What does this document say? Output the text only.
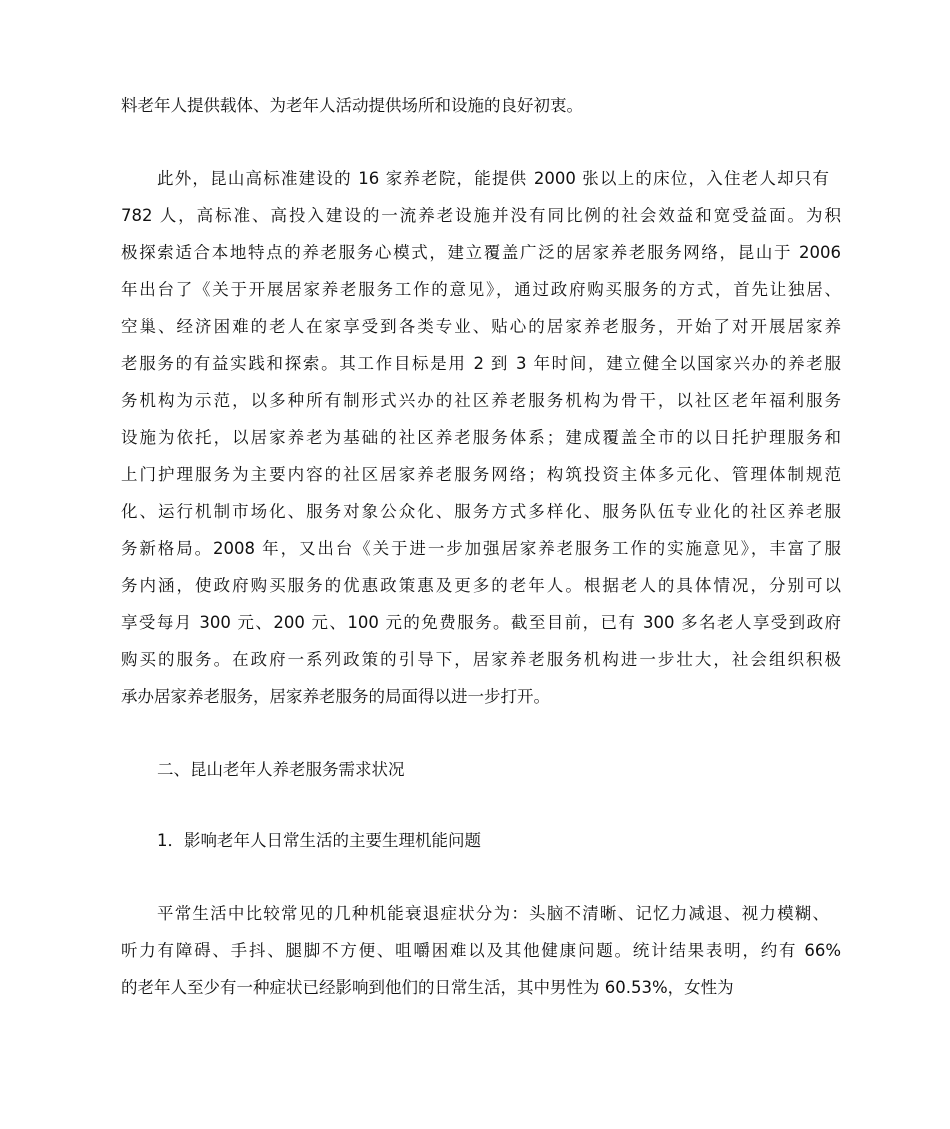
料老年人提供载体、为老年人活动提供场所和设施的良好初衷。
此外，昆山高标准建设的 16 家养老院，能提供 2000 张以上的床位，入住老人却只有
782 人，高标准、高投入建设的一流养老设施并没有同比例的社会效益和宽受益面。为积
极探索适合本地特点的养老服务心模式，建立覆盖广泛的居家养老服务网络，昆山于 2006
年出台了《关于开展居家养老服务工作的意见》，通过政府购买服务的方式，首先让独居、
空巢、经济困难的老人在家享受到各类专业、贴心的居家养老服务，开始了对开展居家养
老服务的有益实践和探索。其工作目标是用 2 到 3 年时间，建立健全以国家兴办的养老服
务机构为示范，以多种所有制形式兴办的社区养老服务机构为骨干，以社区老年福利服务
设施为依托，以居家养老为基础的社区养老服务体系；建成覆盖全市的以日托护理服务和
上门护理服务为主要内容的社区居家养老服务网络；构筑投资主体多元化、管理体制规范
化、运行机制市场化、服务对象公众化、服务方式多样化、服务队伍专业化的社区养老服
务新格局。2008 年，又出台《关于进一步加强居家养老服务工作的实施意见》，丰富了服
务内涵，使政府购买服务的优惠政策惠及更多的老年人。根据老人的具体情况，分别可以
享受每月 300 元、200 元、100 元的免费服务。截至目前，已有 300 多名老人享受到政府
购买的服务。在政府一系列政策的引导下，居家养老服务机构进一步壮大，社会组织积极
承办居家养老服务，居家养老服务的局面得以进一步打开。
二、昆山老年人养老服务需求状况
1．影响老年人日常生活的主要生理机能问题
平常生活中比较常见的几种机能衰退症状分为：头脑不清晰、记忆力减退、视力模糊、
听力有障碍、手抖、腿脚不方便、咀嚼困难以及其他健康问题。统计结果表明，约有 66%
的老年人至少有一种症状已经影响到他们的日常生活，其中男性为 60.53%，女性为
